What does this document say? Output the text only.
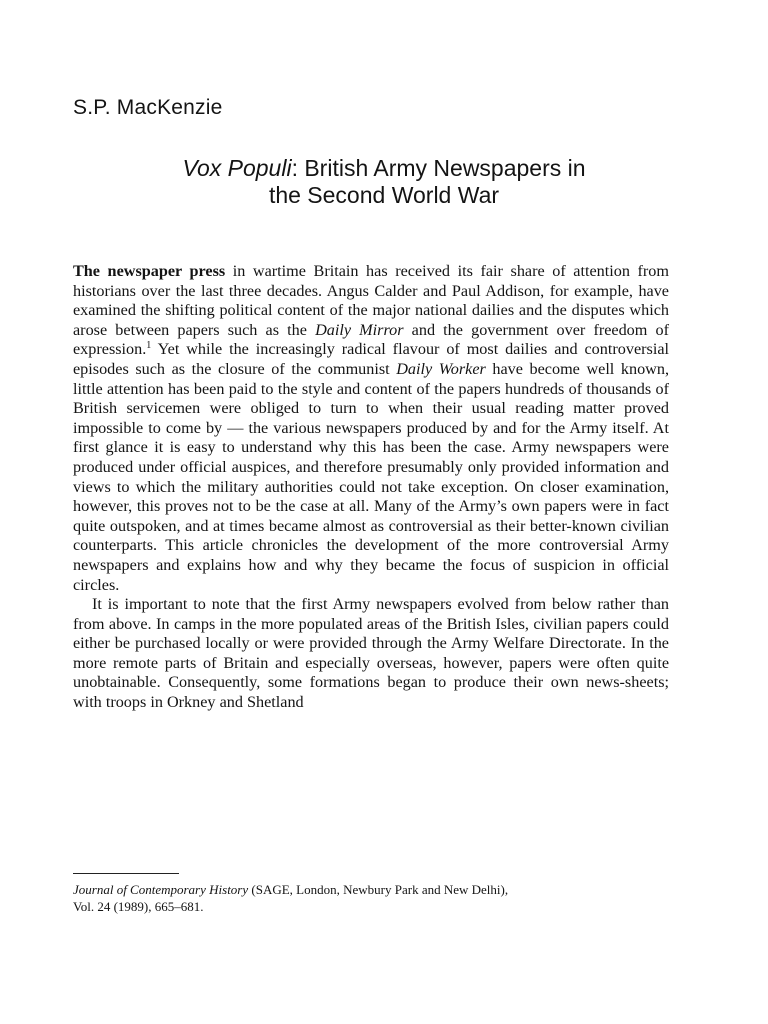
S.P. MacKenzie
Vox Populi: British Army Newspapers in
the Second World War

The newspaper press in wartime Britain has received its fair share of attention from historians over the last three decades. Angus Calder and Paul Addison, for example, have examined the shifting political content of the major national dailies and the disputes which arose between papers such as the Daily Mirror and the government over freedom of expression.$^1$ Yet while the increasingly radical flavour of most dailies and controversial episodes such as the closure of the communist Daily Worker have become well known, little attention has been paid to the style and content of the papers hundreds of thousands of British servicemen were obliged to turn to when their usual reading matter proved impossible to come by — the various newspapers produced by and for the Army itself. At first glance it is easy to understand why this has been the case. Army newspapers were produced under official auspices, and therefore presumably only provided information and views to which the military authorities could not take exception. On closer examination, however, this proves not to be the case at all. Many of the Army’s own papers were in fact quite outspoken, and at times became almost as controversial as their better-known civilian counterparts. This article chronicles the development of the more controversial Army newspapers and explains how and why they became the focus of suspicion in official circles.

It is important to note that the first Army newspapers evolved from below rather than from above. In camps in the more populated areas of the British Isles, civilian papers could either be purchased locally or were provided through the Army Welfare Directorate. In the more remote parts of Britain and especially overseas, however, papers were often quite unobtainable. Consequently, some formations began to produce their own news-sheets; with troops in Orkney and Shetland

Journal of Contemporary History (SAGE, London, Newbury Park and New Delhi),
Vol. 24 (1989), 665–681.
